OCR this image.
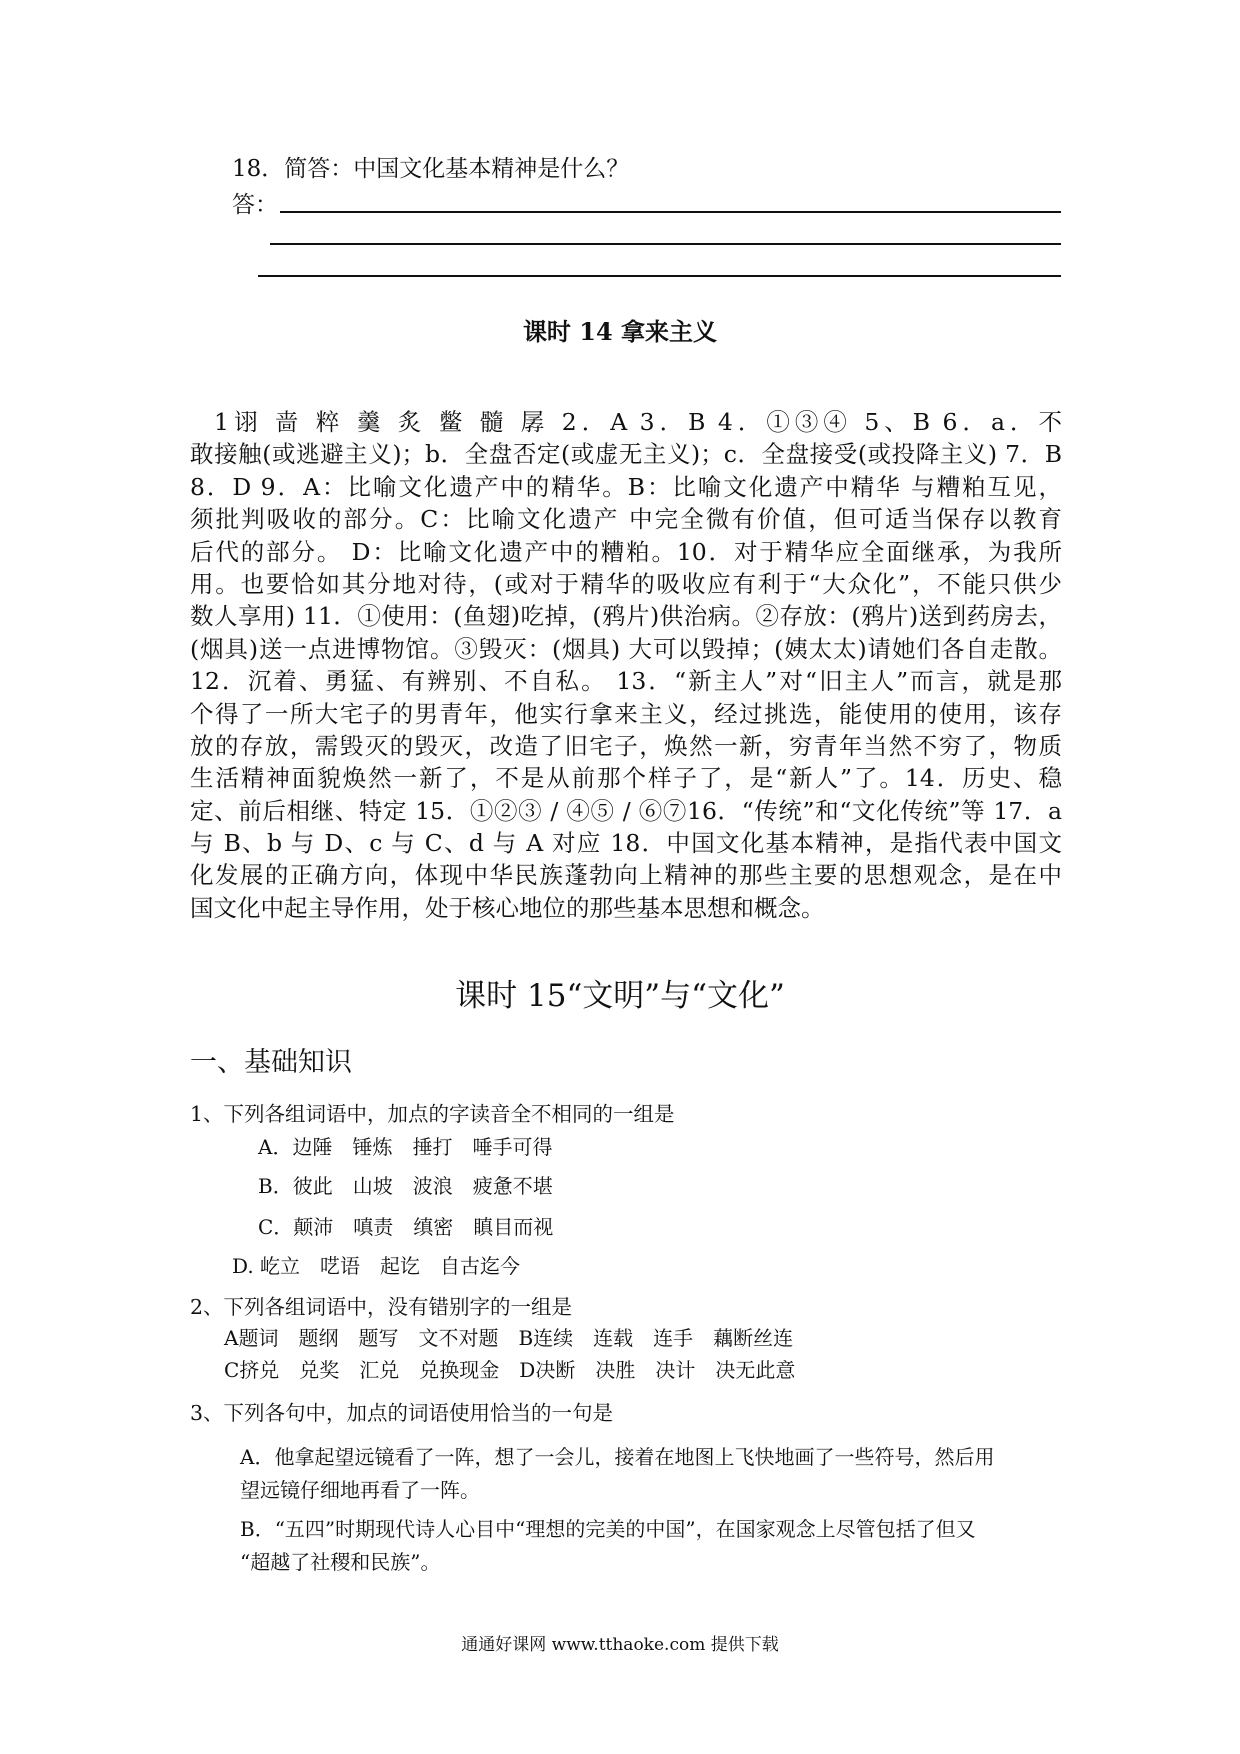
18．简答：中国文化基本精神是什么？
答：
课时 14 拿来主义
1诩 啬 粹 羹 炙 鳖 髓 孱 2．A 3．B 4．①③④ 5、B 6．a．不
敢接触(或逃避主义)；b．全盘否定(或虚无主义)；c．全盘接受(或投降主义) 7．B
8．D 9．A：比喻文化遗产中的精华。B：比喻文化遗产中精华 与糟粕互见，
须批判吸收的部分。C：比喻文化遗产 中完全微有价值，但可适当保存以教育
后代的部分。 D：比喻文化遗产中的糟粕。10．对于精华应全面继承，为我所
用。也要恰如其分地对待，(或对于精华的吸收应有利于“大众化”，不能只供少
数人享用) 11．①使用：(鱼翅)吃掉，(鸦片)供治病。②存放：(鸦片)送到药房去，
(烟具)送一点进博物馆。③毁灭：(烟具) 大可以毁掉；(姨太太)请她们各自走散。
12．沉着、勇猛、有辨别、不自私。 13．“新主人”对“旧主人”而言，就是那
个得了一所大宅子的男青年，他实行拿来主义，经过挑选，能使用的使用，该存
放的存放，需毁灭的毁灭，改造了旧宅子，焕然一新，穷青年当然不穷了，物质
生活精神面貌焕然一新了，不是从前那个样子了，是“新人”了。14．历史、稳
定、前后相继、特定 15．①②③ / ④⑤ / ⑥⑦16．“传统”和“文化传统”等 17．a
与 B、b 与 D、c 与 C、d 与 A 对应 18．中国文化基本精神，是指代表中国文
化发展的正确方向，体现中华民族蓬勃向上精神的那些主要的思想观念，是在中
国文化中起主导作用，处于核心地位的那些基本思想和概念。
课时 15“文明”与“文化”
一、基础知识
1、下列各组词语中，加点的字读音全不相同的一组是
A．边陲　锤炼　捶打　唾手可得
B．彼此　山坡　波浪　疲惫不堪
C．颠沛　嗔责　缜密　瞋目而视
D. 屹立　呓语　起讫　自古迄今
2、下列各组词语中，没有错别字的一组是
A题词　题纲　题写　文不对题　B连续　连载　连手　藕断丝连
C挤兑　兑奖　汇兑　兑换现金　D决断　决胜　决计　决无此意
3、下列各句中，加点的词语使用恰当的一句是
A．他拿起望远镜看了一阵，想了一会儿，接着在地图上飞快地画了一些符号，然后用
望远镜仔细地再看了一阵。
B．“五四”时期现代诗人心目中“理想的完美的中国”，在国家观念上尽管包括了但又
“超越了社稷和民族”。
通通好课网 www.tthaoke.com 提供下载
